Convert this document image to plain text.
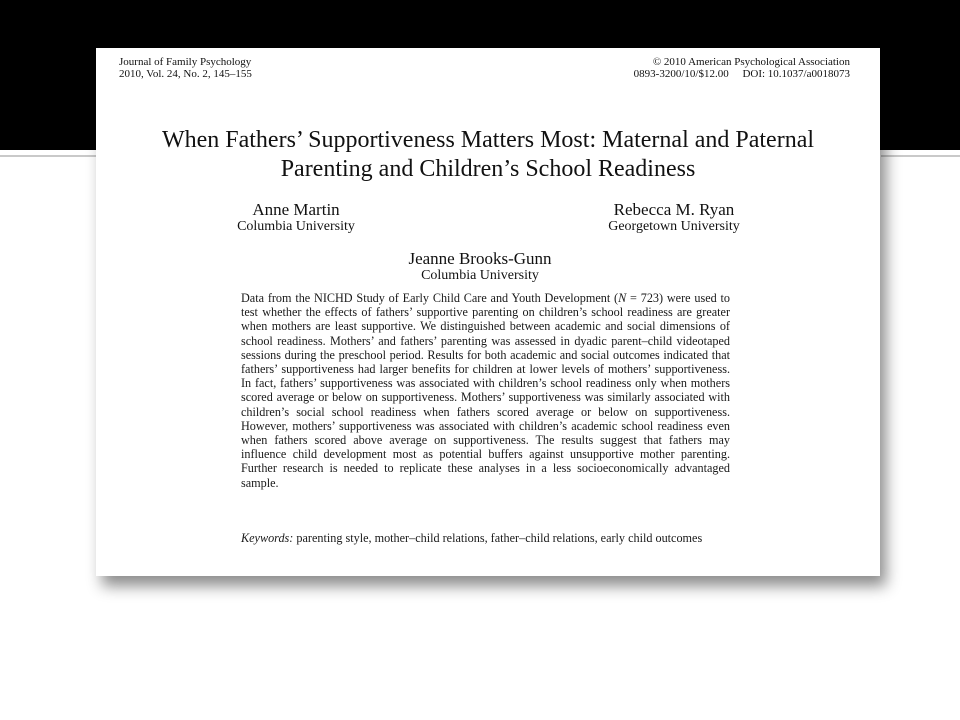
Journal of Family Psychology
2010, Vol. 24, No. 2, 145–155
© 2010 American Psychological Association
0893-3200/10/$12.00     DOI: 10.1037/a0018073
When Fathers’ Supportiveness Matters Most: Maternal and Paternal
Parenting and Children’s School Readiness
Anne Martin
Columbia University
Rebecca M. Ryan
Georgetown University
Jeanne Brooks-Gunn
Columbia University
Data from the NICHD Study of Early Child Care and Youth Development (N = 723) were used to test whether the effects of fathers’ supportive parenting on children’s school readiness are greater when mothers are least supportive. We distinguished between academic and social dimensions of school readiness. Mothers’ and fathers’ parenting was assessed in dyadic parent–child videotaped sessions during the preschool period. Results for both academic and social outcomes indicated that fathers’ supportiveness had larger benefits for children at lower levels of mothers’ supportiveness. In fact, fathers’ supportiveness was associated with children’s school readiness only when mothers scored average or below on supportiveness. Mothers’ supportiveness was similarly associated with children’s social school readiness when fathers scored average or below on supportiveness. However, mothers’ supportiveness was associated with children’s academic school readiness even when fathers scored above average on supportiveness. The results suggest that fathers may influence child development most as potential buffers against unsupportive mother parenting. Further research is needed to replicate these analyses in a less socioeconomically advantaged sample.
Keywords: parenting style, mother–child relations, father–child relations, early child outcomes
